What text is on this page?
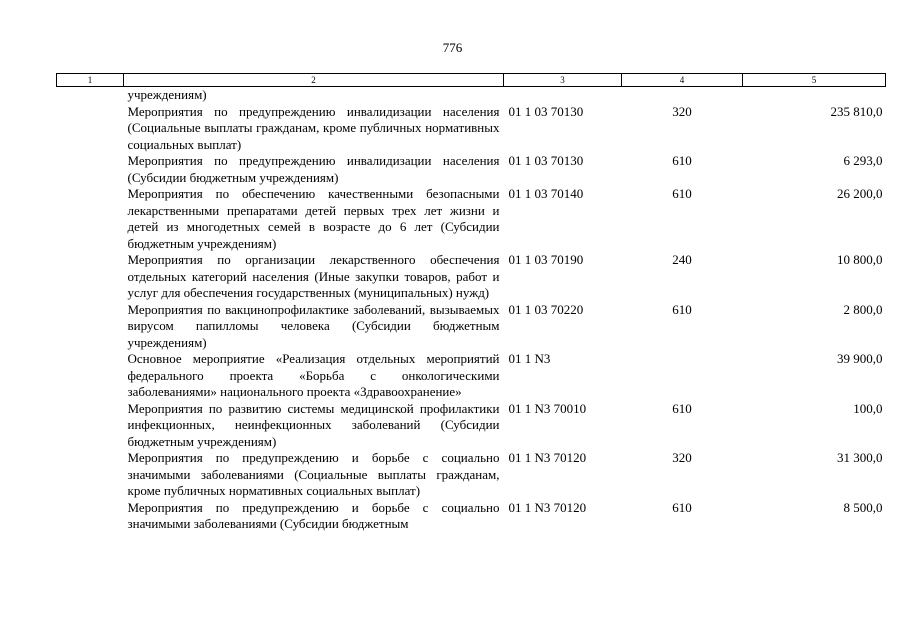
776
1	2	3	4	5
	учреждениям)			
	Мероприятия по предупреждению инвалидизации населения (Социальные выплаты гражданам, кроме публичных нормативных социальных выплат)	01 1 03 70130	320	235 810,0
	Мероприятия по предупреждению инвалидизации населения (Субсидии бюджетным учреждениям)	01 1 03 70130	610	6 293,0
	Мероприятия по обеспечению качественными безопасными лекарственными препаратами детей первых трех лет жизни и детей из многодетных семей в возрасте до 6 лет (Субсидии бюджетным учреждениям)	01 1 03 70140	610	26 200,0
	Мероприятия по организации лекарственного обеспечения отдельных категорий населения (Иные закупки товаров, работ и услуг для обеспечения государственных (муниципальных) нужд)	01 1 03 70190	240	10 800,0
	Мероприятия по вакцинопрофилактике заболеваний, вызываемых вирусом папилломы человека (Субсидии бюджетным учреждениям)	01 1 03 70220	610	2 800,0
	Основное мероприятие «Реализация отдельных мероприятий федерального проекта «Борьба с онкологическими заболеваниями» национального проекта «Здравоохранение»	01 1 N3		39 900,0
	Мероприятия по развитию системы медицинской профилактики инфекционных, неинфекционных заболеваний (Субсидии бюджетным учреждениям)	01 1 N3 70010	610	100,0
	Мероприятия по предупреждению и борьбе с социально значимыми заболеваниями (Социальные выплаты гражданам, кроме публичных нормативных социальных выплат)	01 1 N3 70120	320	31 300,0
	Мероприятия по предупреждению и борьбе с социально значимыми заболеваниями (Субсидии бюджетным	01 1 N3 70120	610	8 500,0
